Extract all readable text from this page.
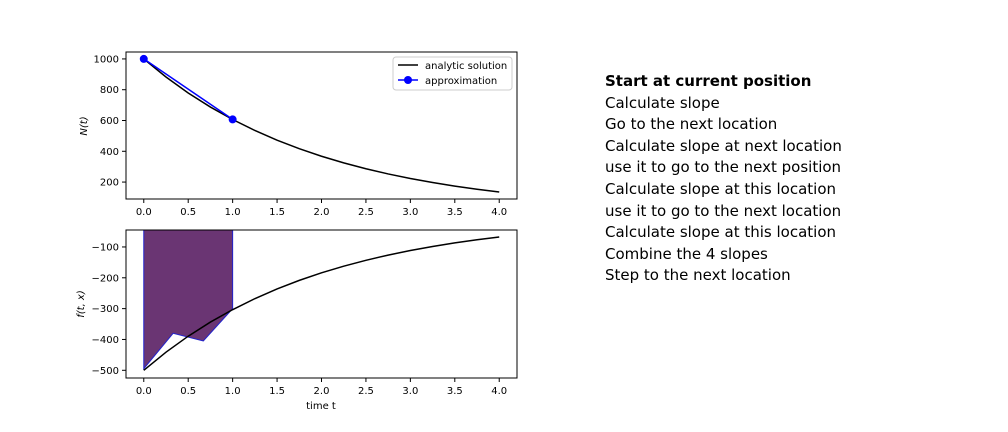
0.0	0.5	1.0	1.5	2.0	2.5	3.0	3.5	4.0
200
400
600
800
1000
N(t)
analytic solution
approximation
0.0	0.5	1.0	1.5	2.0	2.5	3.0	3.5	4.0
−100
−200
−300
−400
−500
f(t, x)
time t
Start at current position
Calculate slope
Go to the next location
Calculate slope at next location
use it to go to the next position
Calculate slope at this location
use it to go to the next location
Calculate slope at this location
Combine the 4 slopes
Step to the next location
